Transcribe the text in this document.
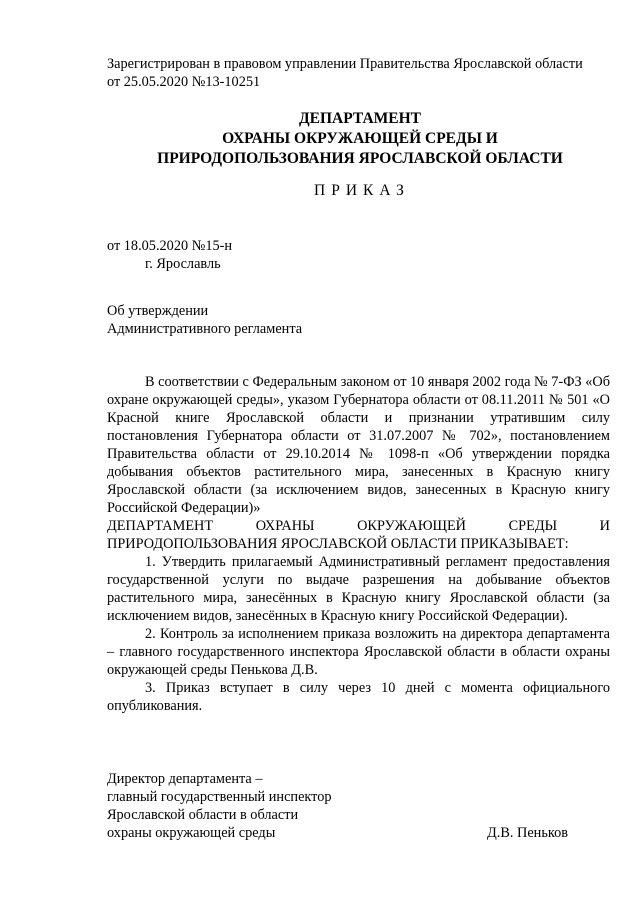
Зарегистрирован в правовом управлении Правительства Ярославской области
от 25.05.2020 №13-10251
ДЕПАРТАМЕНТ
ОХРАНЫ ОКРУЖАЮЩЕЙ СРЕДЫ И
ПРИРОДОПОЛЬЗОВАНИЯ ЯРОСЛАВСКОЙ ОБЛАСТИ
ПРИКАЗ
от 18.05.2020 №15-н
г. Ярославль
Об утверждении
Административного регламента

В соответствии с Федеральным законом от 10 января 2002 года № 7-ФЗ «Об охране окружающей среды», указом Губернатора области от 08.11.2011 № 501 «О Красной книге Ярославской области и признании утратившим силу постановления Губернатора области от 31.07.2007 № 702», постановлением Правительства области от 29.10.2014 № 1098-п «Об утверждении порядка добывания объектов растительного мира, занесенных в Красную книгу Ярославской области (за исключением видов, занесенных в Красную книгу Российской Федерации)»

ДЕПАРТАМЕНТ ОХРАНЫ ОКРУЖАЮЩЕЙ СРЕДЫ И

ПРИРОДОПОЛЬЗОВАНИЯ ЯРОСЛАВСКОЙ ОБЛАСТИ ПРИКАЗЫВАЕТ:

1. Утвердить прилагаемый Административный регламент предоставления государственной услуги по выдаче разрешения на добывание объектов растительного мира, занесённых в Красную книгу Ярославской области (за исключением видов, занесённых в Красную книгу Российской Федерации).

2. Контроль за исполнением приказа возложить на директора департамента – главного государственного инспектора Ярославской области в области охраны окружающей среды Пенькова Д.В.

3. Приказ вступает в силу через 10 дней с момента официального опубликования.

Директор департамента –
главный государственный инспектор
Ярославской области в области
охраны окружающей среды	Д.В. Пеньков
